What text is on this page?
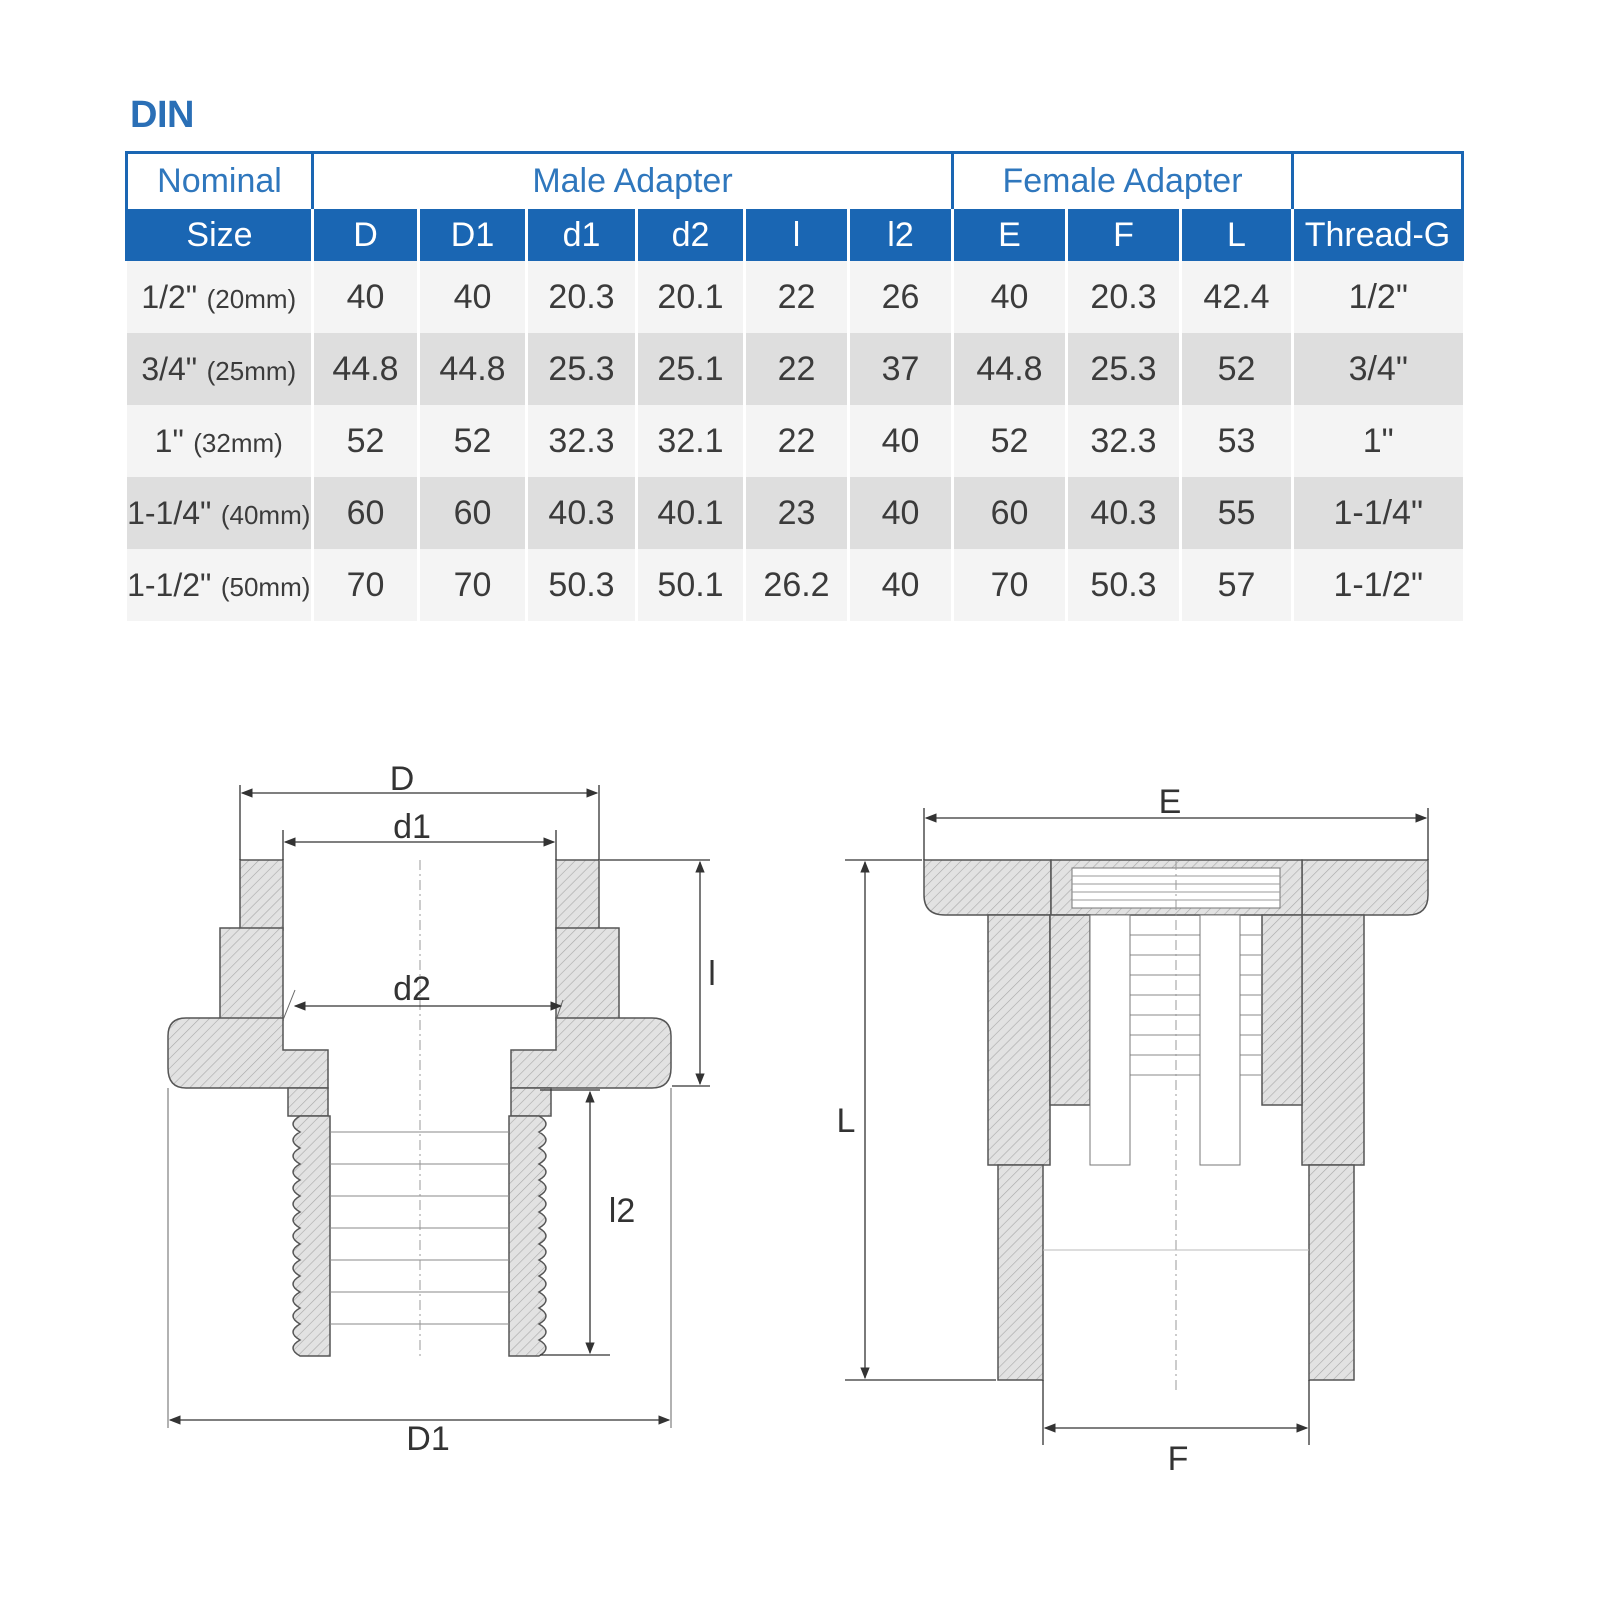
DIN
Nominal	Male Adapter						Female Adapter			
Size	D	D1	d1	d2	l	l2	E	F	L	Thread-G
1/2" (20mm)	40	40	20.3	20.1	22	26	40	20.3	42.4	1/2"
3/4" (25mm)	44.8	44.8	25.3	25.1	22	37	44.8	25.3	52	3/4"
1" (32mm)	52	52	32.3	32.1	22	40	52	32.3	53	1"
1-1/4" (40mm)	60	60	40.3	40.1	23	40	60	40.3	55	1-1/4"
1-1/2" (50mm)	70	70	50.3	50.1	26.2	40	70	50.3	57	1-1/2"
D
d1
d2	l
l2
D1
E
L
F
